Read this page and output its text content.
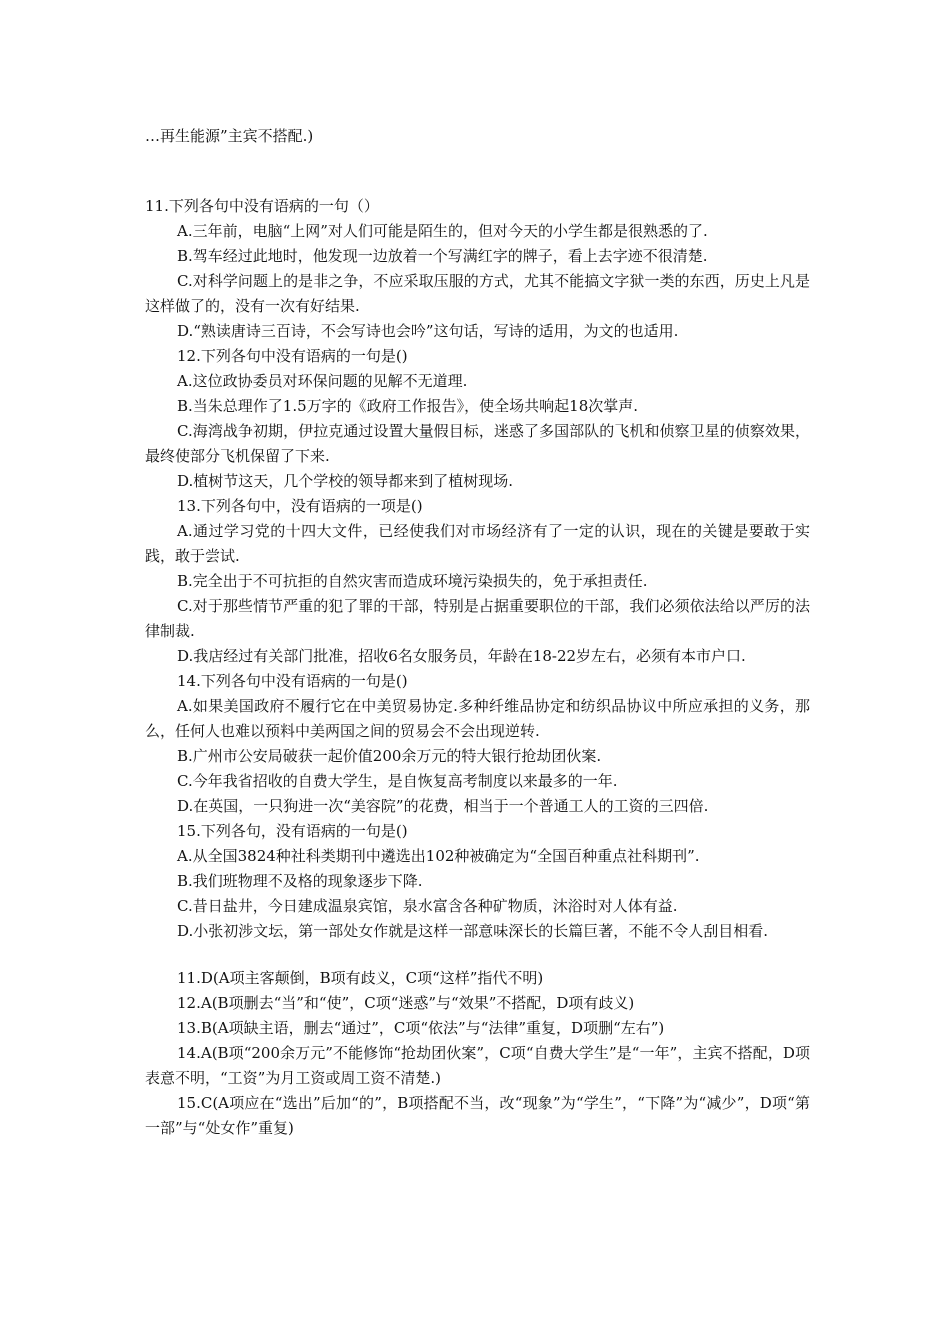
…再生能源”主宾不搭配.)

11.下列各句中没有语病的一句（）

A.三年前，电脑“上网”对人们可能是陌生的，但对今天的小学生都是很熟悉的了.

B.驾车经过此地时，他发现一边放着一个写满红字的牌子，看上去字迹不很清楚.

C.对科学问题上的是非之争，不应采取压服的方式，尤其不能搞文字狱一类的东西，历史上凡是这样做了的，没有一次有好结果.

D.“熟读唐诗三百诗，不会写诗也会吟”这句话，写诗的适用，为文的也适用.

12.下列各句中没有语病的一句是()

A.这位政协委员对环保问题的见解不无道理.

B.当朱总理作了1.5万字的《政府工作报告》，使全场共响起18次掌声.

C.海湾战争初期，伊拉克通过设置大量假目标，迷惑了多国部队的飞机和侦察卫星的侦察效果，最终使部分飞机保留了下来.

D.植树节这天，几个学校的领导都来到了植树现场.

13.下列各句中，没有语病的一项是()

A.通过学习党的十四大文件，已经使我们对市场经济有了一定的认识，现在的关键是要敢于实践，敢于尝试.

B.完全出于不可抗拒的自然灾害而造成环境污染损失的，免于承担责任.

C.对于那些情节严重的犯了罪的干部，特别是占据重要职位的干部，我们必须依法给以严厉的法律制裁.

D.我店经过有关部门批准，招收6名女服务员，年龄在18-22岁左右，必须有本市户口.

14.下列各句中没有语病的一句是()

A.如果美国政府不履行它在中美贸易协定.多种纤维品协定和纺织品协议中所应承担的义务，那么，任何人也难以预料中美两国之间的贸易会不会出现逆转.

B.广州市公安局破获一起价值200余万元的特大银行抢劫团伙案.

C.今年我省招收的自费大学生，是自恢复高考制度以来最多的一年.

D.在英国，一只狗进一次“美容院”的花费，相当于一个普通工人的工资的三四倍.

15.下列各句，没有语病的一句是()

A.从全国3824种社科类期刊中遴选出102种被确定为“全国百种重点社科期刊”.

B.我们班物理不及格的现象逐步下降.

C.昔日盐井，今日建成温泉宾馆，泉水富含各种矿物质，沐浴时对人体有益.

D.小张初涉文坛，第一部处女作就是这样一部意味深长的长篇巨著，不能不令人刮目相看.

11.D(A项主客颠倒，B项有歧义，C项“这样”指代不明)

12.A(B项删去“当”和“使”，C项“迷惑”与“效果”不搭配，D项有歧义)

13.B(A项缺主语，删去“通过”，C项“依法”与“法律”重复，D项删“左右”)

14.A(B项“200余万元”不能修饰“抢劫团伙案”，C项“自费大学生”是“一年”，主宾不搭配，D项表意不明，“工资”为月工资或周工资不清楚.)

15.C(A项应在“选出”后加“的”，B项搭配不当，改“现象”为“学生”，“下降”为“减少”，D项“第一部”与“处女作”重复)
